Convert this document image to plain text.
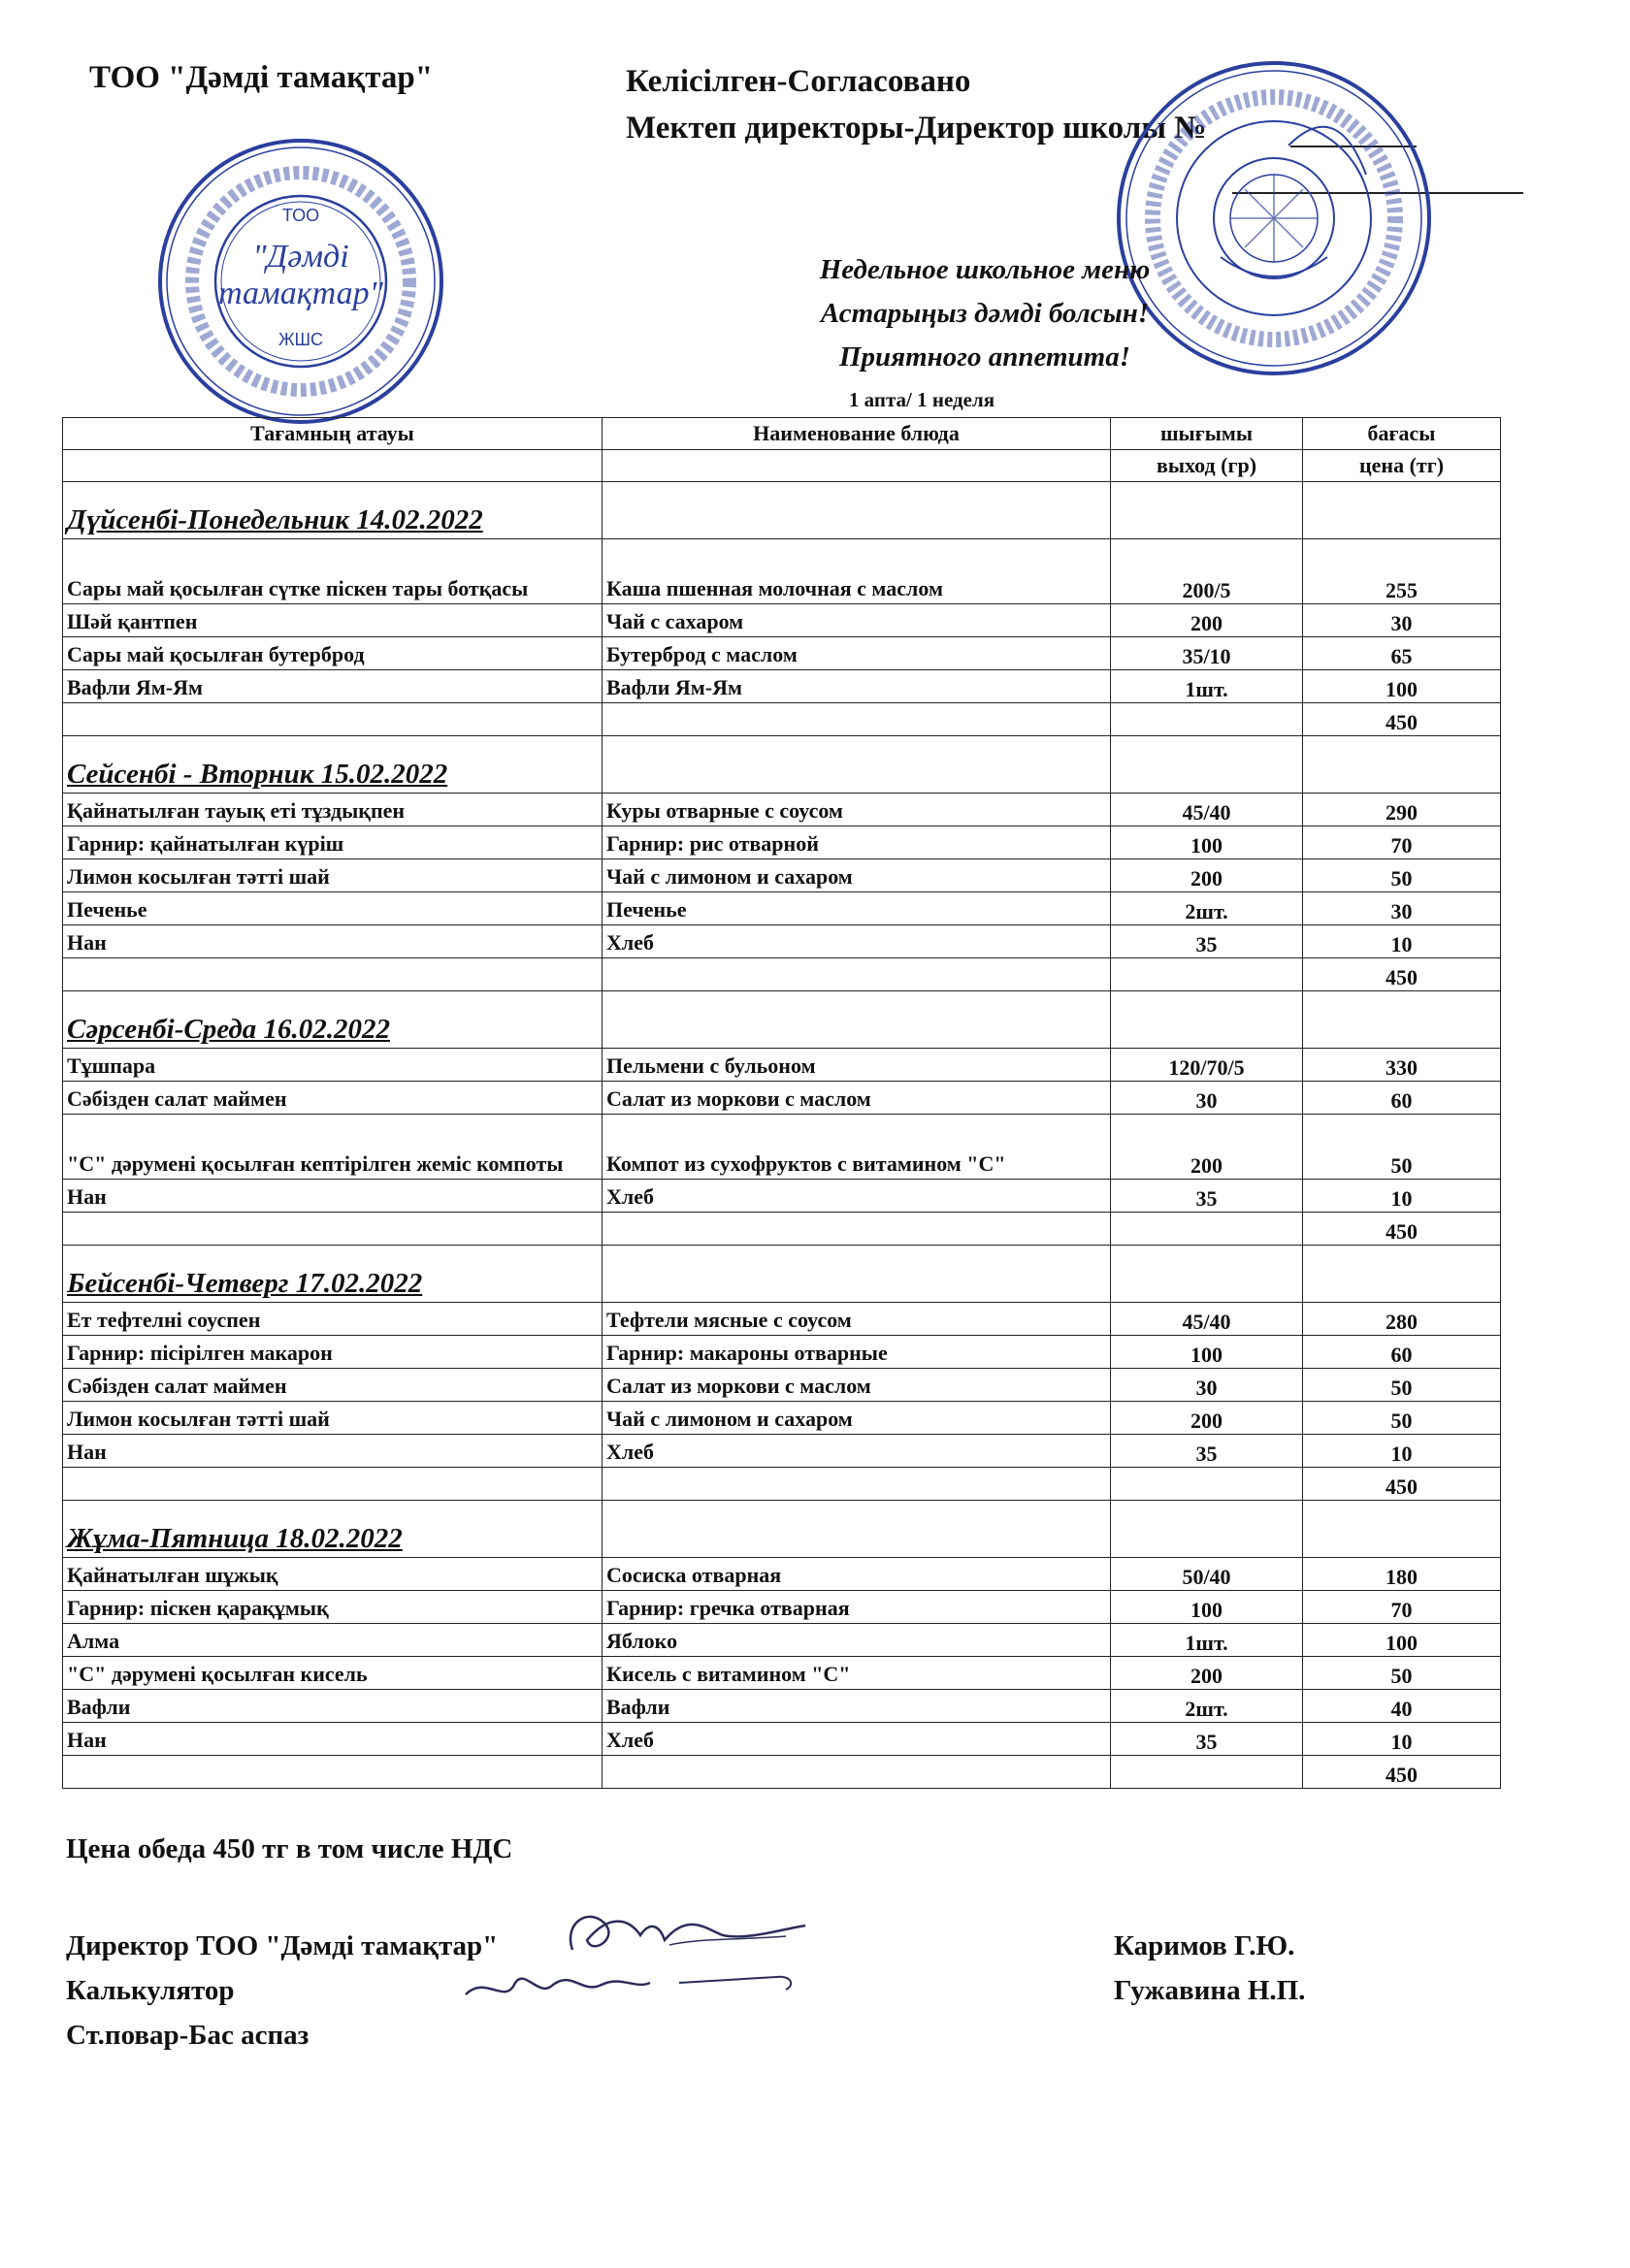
ТОО "Дәмді тамақтар"	Келісілген-Согласовано
Мектеп директоры-Директор школы №
ТОО
"Дәмді
тамақтар"
ЖШС
Недельное школьное меню
Астарыңыз дәмді болсын!
Приятного аппетита!
1 апта/ 1 неделя
Тағамның атауы	Наименование блюда	шығымы	бағасы
		выход (гр)	цена (тг)
Дүйсенбі-Понедельник 14.02.2022			
Сары май қосылған сүтке піскен тары ботқасы	Каша пшенная молочная с маслом	200/5	255
Шәй қантпен	Чай с сахаром	200	30
Сары май қосылған бутерброд	Бутерброд с маслом	35/10	65
Вафли Ям-Ям	Вафли Ям-Ям	1шт.	100
			450
Сейсенбі - Вторник 15.02.2022			
Қайнатылған тауық еті тұздықпен	Куры отварные с соусом	45/40	290
Гарнир: қайнатылған күріш	Гарнир: рис отварной	100	70
Лимон косылған тәтті шай	Чай с лимоном и сахаром	200	50
Печенье	Печенье	2шт.	30
Нан	Хлеб	35	10
			450
Сәрсенбі-Среда 16.02.2022			
Тұшпара	Пельмени с бульоном	120/70/5	330
Сәбізден салат маймен	Салат из моркови с маслом	30	60
"С" дәрумені қосылған кептірілген жеміс компоты	Компот из сухофруктов с витамином "С"	200	50
Нан	Хлеб	35	10
			450
Бейсенбі-Четверг 17.02.2022			
Ет тефтелні соуспен	Тефтели мясные с соусом	45/40	280
Гарнир: пісірілген макарон	Гарнир: макароны отварные	100	60
Сәбізден салат маймен	Салат из моркови с маслом	30	50
Лимон косылған тәтті шай	Чай с лимоном и сахаром	200	50
Нан	Хлеб	35	10
			450
Жұма-Пятница 18.02.2022			
Қайнатылған шұжық	Сосиска отварная	50/40	180
Гарнир: піскен қарақұмық	Гарнир: гречка отварная	100	70
Алма	Яблоко	1шт.	100
"С" дәрумені қосылған кисель	Кисель с витамином "С"	200	50
Вафли	Вафли	2шт.	40
Нан	Хлеб	35	10
			450
Цена обеда 450 тг в том числе НДС
Директор ТОО "Дәмді тамақтар"
Калькулятор
Ст.повар-Бас аспаз
Каримов Г.Ю.
Гужавина Н.П.
